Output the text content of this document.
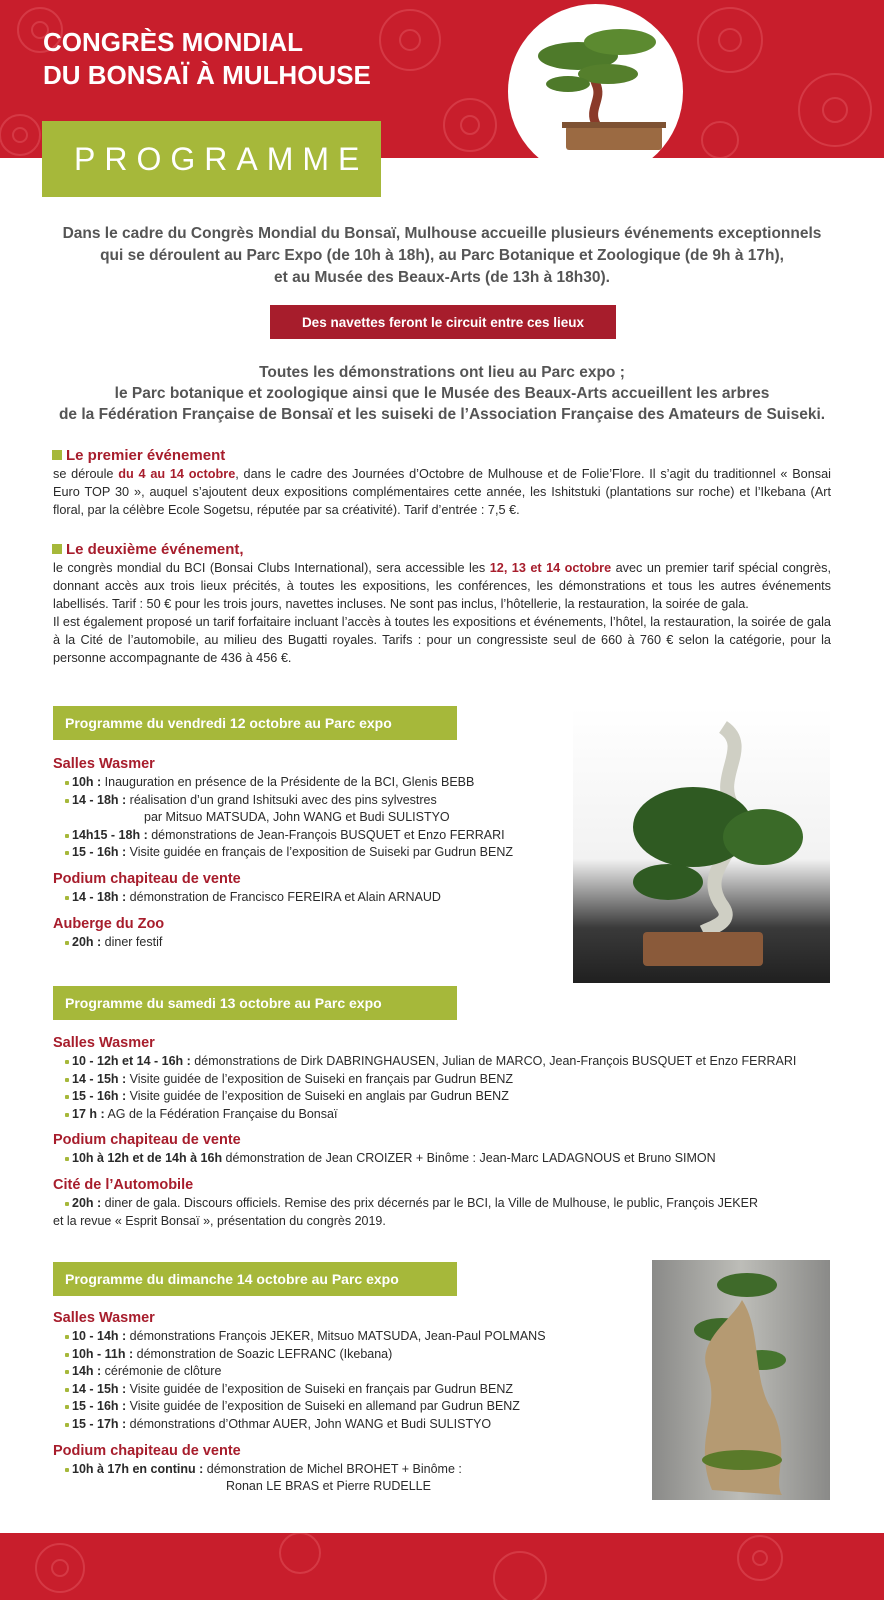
CONGRÈS MONDIAL
DU BONSAÏ À MULHOUSE
PROGRAMME

Dans le cadre du Congrès Mondial du Bonsaï, Mulhouse accueille plusieurs événements exceptionnels
qui se déroulent au Parc Expo (de 10h à 18h), au Parc Botanique et Zoologique (de 9h à 17h),
et au Musée des Beaux-Arts (de 13h à 18h30).

Des navettes feront le circuit entre ces lieux

Toutes les démonstrations ont lieu au Parc expo ;
le Parc botanique et zoologique ainsi que le Musée des Beaux-Arts accueillent les arbres
de la Fédération Française de Bonsaï et les suiseki de l’Association Française des Amateurs de Suiseki.

Le premier événement

se déroule du 4 au 14 octobre, dans le cadre des Journées d’Octobre de Mulhouse et de Folie’Flore. Il s’agit du traditionnel « Bonsai Euro TOP 30 », auquel s’ajoutent deux expositions complémentaires cette année, les Ishitstuki (plantations sur roche) et l’Ikebana (Art floral, par la célèbre Ecole Sogetsu, réputée par sa créativité). Tarif d’entrée : 7,5 €.

Le deuxième événement,

le congrès mondial du BCI (Bonsai Clubs International), sera accessible les 12, 13 et 14 octobre avec un premier tarif spécial congrès, donnant accès aux trois lieux précités, à toutes les expositions, les conférences, les démonstrations et tous les autres événements labellisés. Tarif : 50 € pour les trois jours, navettes incluses. Ne sont pas inclus, l’hôtellerie, la restauration, la soirée de gala.

Il est également proposé un tarif forfaitaire incluant l’accès à toutes les expositions et événements, l’hôtel, la restauration, la soirée de gala à la Cité de l’automobile, au milieu des Bugatti royales. Tarifs : pour un congressiste seul de 660 à 760 € selon la catégorie, pour la personne accompagnante de 436 à 456 €.

Programme du vendredi 12 octobre au Parc expo
Salles Wasmer
10h : Inauguration en présence de la Présidente de la BCI, Glenis BEBB
14 - 18h : réalisation d’un grand Ishitsuki avec des pins sylvestres
par Mitsuo MATSUDA, John WANG et Budi SULISTYO
14h15 - 18h : démonstrations de Jean-François BUSQUET et Enzo FERRARI
15 - 16h : Visite guidée en français de l’exposition de Suiseki par Gudrun BENZ
Podium chapiteau de vente
14 - 18h : démonstration de Francisco FEREIRA et Alain ARNAUD
Auberge du Zoo
20h : diner festif
Programme du samedi 13 octobre au Parc expo
Salles Wasmer
10 - 12h et 14 - 16h : démonstrations de Dirk DABRINGHAUSEN, Julian de MARCO, Jean-François BUSQUET et Enzo FERRARI
14 - 15h : Visite guidée de l’exposition de Suiseki en français par Gudrun BENZ
15 - 16h : Visite guidée de l’exposition de Suiseki en anglais par Gudrun BENZ
17 h : AG de la Fédération Française du Bonsaï
Podium chapiteau de vente
10h à 12h et de 14h à 16h démonstration de Jean CROIZER + Binôme : Jean-Marc LADAGNOUS et Bruno SIMON
Cité de l’Automobile
20h : diner de gala. Discours officiels. Remise des prix décernés par le BCI, la Ville de Mulhouse, le public, François JEKER
et la revue « Esprit Bonsaï », présentation du congrès 2019.
Programme du dimanche 14 octobre au Parc expo
Salles Wasmer
10 - 14h : démonstrations François JEKER, Mitsuo MATSUDA, Jean-Paul POLMANS
10h - 11h : démonstration de Soazic LEFRANC (Ikebana)
14h : cérémonie de clôture
14 - 15h : Visite guidée de l’exposition de Suiseki en français par Gudrun BENZ
15 - 16h : Visite guidée de l’exposition de Suiseki en allemand par Gudrun BENZ
15 - 17h : démonstrations d’Othmar AUER, John WANG et Budi SULISTYO
Podium chapiteau de vente
10h à 17h en continu : démonstration de Michel BROHET + Binôme :
Ronan LE BRAS et Pierre RUDELLE
